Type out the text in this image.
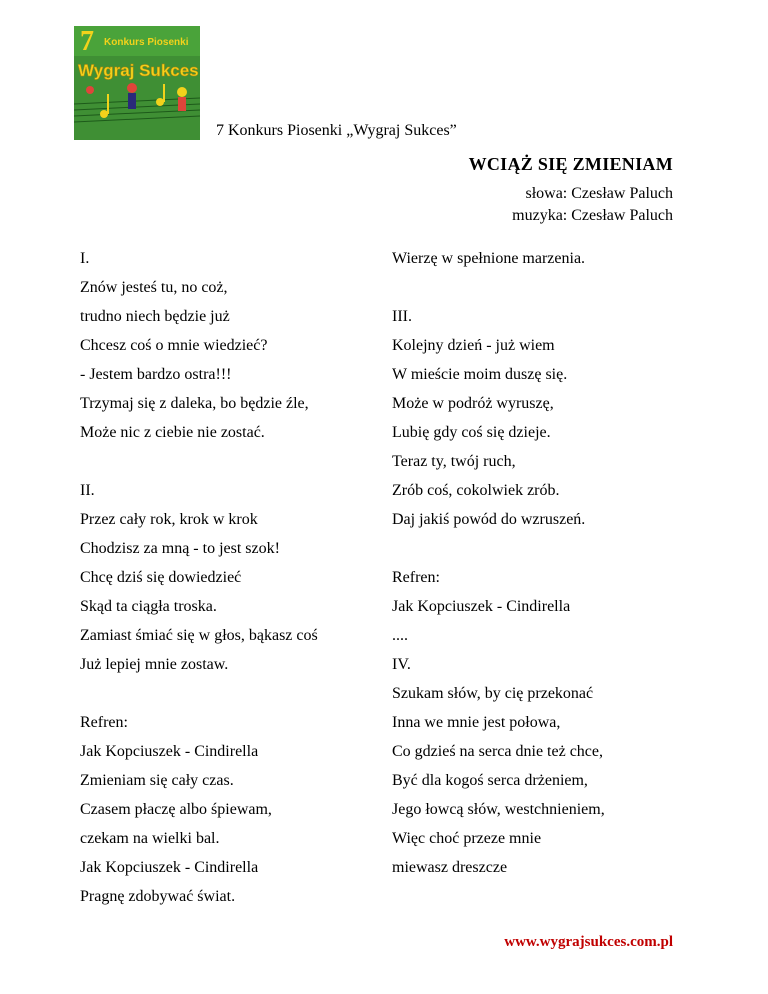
7 Konkurs Piosenki
Wygraj Sukces
7 Konkurs Piosenki „Wygraj Sukces”
WCIĄŻ SIĘ ZMIENIAM
słowa: Czesław Paluch
muzyka: Czesław Paluch
I.
Znów jesteś tu, no coż,
trudno niech będzie już
Chcesz coś o mnie wiedzieć?
- Jestem bardzo ostra!!!
Trzymaj się z daleka, bo będzie źle,
Może nic z ciebie nie zostać.
II.
Przez cały rok, krok w krok
Chodzisz za mną - to jest szok!
Chcę dziś się dowiedzieć
Skąd ta ciągła troska.
Zamiast śmiać się w głos, bąkasz coś
Już lepiej mnie zostaw.
Refren:
Jak Kopciuszek - Cindirella
Zmieniam się cały czas.
Czasem płaczę albo śpiewam,
czekam na wielki bal.
Jak Kopciuszek - Cindirella
Pragnę zdobywać świat.
Wierzę w spełnione marzenia.
III.
Kolejny dzień - już wiem
W mieście moim duszę się.
Może w podróż wyruszę,
Lubię gdy coś się dzieje.
Teraz ty, twój ruch,
Zrób coś, cokolwiek zrób.
Daj jakiś powód do wzruszeń.
Refren:
Jak Kopciuszek - Cindirella
....
IV.
Szukam słów, by cię przekonać
Inna we mnie jest połowa,
Co gdzieś na serca dnie też chce,
Być dla kogoś serca drżeniem,
Jego łowcą słów, westchnieniem,
Więc choć przeze mnie
miewasz dreszcze
www.wygrajsukces.com.pl
